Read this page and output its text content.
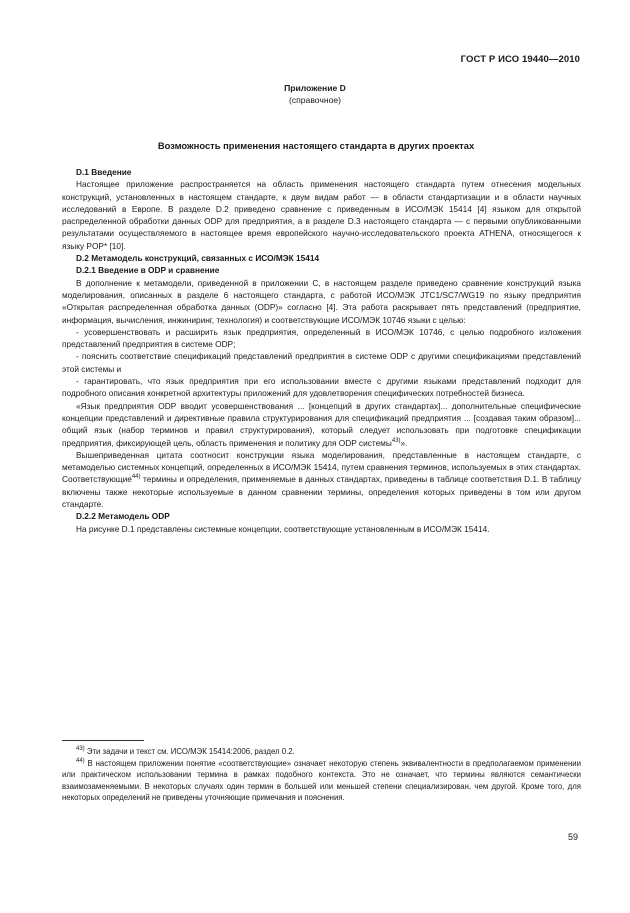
ГОСТ Р ИСО 19440—2010
Приложение D
(справочное)
Возможность применения настоящего стандарта в других проектах

D.1 Введение

Настоящее приложение распространяется на область применения настоящего стандарта путем отнесения модельных конструкций, установленных в настоящем стандарте, к двум видам работ — в области стандартизации и в области научных исследований в Европе. В разделе D.2 приведено сравнение с приведенным в ИСО/МЭК 15414 [4] языком для открытой распределенной обработки данных ODP для предприятия, а в разделе D.3 настоящего стандарта — с первыми опубликованными результатами осуществляемого в настоящее время европейского научно-исследовательского проекта ATHENA, относящегося к языку POP* [10].

D.2 Метамодель конструкций, связанных с ИСО/МЭК 15414

D.2.1 Введение в ODP и сравнение

В дополнение к метамодели, приведенной в приложении С, в настоящем разделе приведено сравнение конструкций языка моделирования, описанных в разделе 6 настоящего стандарта, с работой ИСО/МЭК JTC1/SC7/WG19 по языку предприятия «Открытая распределенная обработка данных (ODP)» согласно [4]. Эта работа раскрывает пять представлений (предприятие, информация, вычисления, инжиниринг, технология) и соответствующие ИСО/МЭК 10746 языки с целью:

- усовершенствовать и расширить язык предприятия, определенный в ИСО/МЭК 10746, с целью подробного изложения представлений предприятия в системе ODP;

- пояснить соответствие спецификаций представлений предприятия в системе ODP с другими спецификациями представлений этой системы и

- гарантировать, что язык предприятия при его использовании вместе с другими языками представлений подходит для подробного описания конкретной архитектуры приложений для удовлетворения специфических потребностей бизнеса.

«Язык предприятия ODP вводит усовершенствования ... [концепций в других стандартах]... дополнительные специфические концепции представлений и директивные правила структурирования для спецификаций предприятия ... [создавая таким образом]... общий язык (набор терминов и правил структурирования), который следует использовать при подготовке спецификации предприятия, фиксирующей цель, область применения и политику для ODP системы$^{43)}$».

Вышеприведенная цитата соотносит конструкции языка моделирования, представленные в настоящем стандарте, с метамоделью системных концепций, определенных в ИСО/МЭК 15414, путем сравнения терминов, используемых в этих стандартах. Соответствующие$^{44)}$ термины и определения, применяемые в данных стандартах, приведены в таблице соответствия D.1. В таблицу включены также некоторые используемые в данном сравнении термины, определения которых приведены в том или другом стандарте.

D.2.2 Метамодель ODP

На рисунке D.1 представлены системные концепции, соответствующие установленным в ИСО/МЭК 15414.

$^{43)}$ Эти задачи и текст см. ИСО/МЭК 15414:2006, раздел 0.2.

$^{44)}$ В настоящем приложении понятие «соответствующие» означает некоторую степень эквивалентности в предполагаемом применении или практическом использовании термина в рамках подобного контекста. Это не означает, что термины являются семантически взаимозаменяемыми. В некоторых случаях один термин в большей или меньшей степени специализирован, чем другой. Кроме того, для некоторых определений не приведены уточняющие примечания и пояснения.

59
